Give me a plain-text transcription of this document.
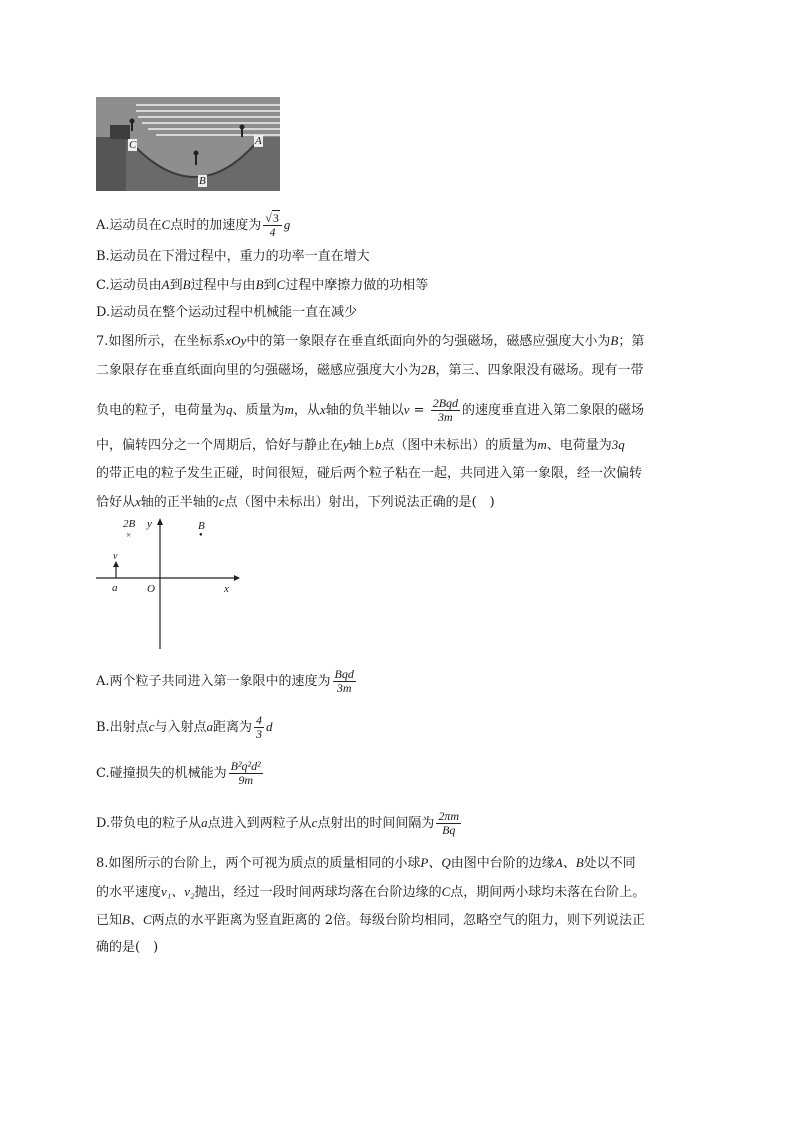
C	A
B
A.运动员在C点时的加速度为 $\frac{√3}{4}$ g
B.运动员在下滑过程中，重力的功率一直在增大
C.运动员由A到B过程中与由B到C过程中摩擦力做的功相等
D.运动员在整个运动过程中机械能一直在减少
7.如图所示，在坐标系xOy中的第一象限存在垂直纸面向外的匀强磁场，磁感应强度大小为B；第
二象限存在垂直纸面向里的匀强磁场，磁感应强度大小为2B，第三、四象限没有磁场。现有一带
负电的粒子，电荷量为q、质量为m，从x轴的负半轴以$v = \frac{\text{2Bqd}}{3m}$ 的速度垂直进入第二象限的磁场
中，偏转四分之一个周期后，恰好与静止在y轴上b点（图中未标出）的质量为m、电荷量为3q
的带正电的粒子发生正碰，时间很短，碰后两个粒子粘在一起，共同进入第一象限，经一次偏转
恰好从x轴的正半轴的c点（图中未标出）射出，下列说法正确的是(　)
2B
×
B
●
y
v
a	O	x
A.两个粒子共同进入第一象限中的速度为 $\frac{\text{Bqd}}{3m}$
B.出射点c与入射点a距离为 $\frac{4}{3}$ d
C.碰撞损失的机械能为 $\frac{\text{B²q²d²}}{9m}$
D.带负电的粒子从a点进入到两粒子从c点射出的时间间隔为 $\frac{2\pi m}{Bq}$
8.如图所示的台阶上，两个可视为质点的质量相同的小球P、Q由图中台阶的边缘A、B处以不同
的水平速度v₁、v₂抛出，经过一段时间两球均落在台阶边缘的C点，期间两小球均未落在台阶上。
已知B、C两点的水平距离为竖直距离的 2倍。每级台阶均相同，忽略空气的阻力，则下列说法正
确的是(　)
